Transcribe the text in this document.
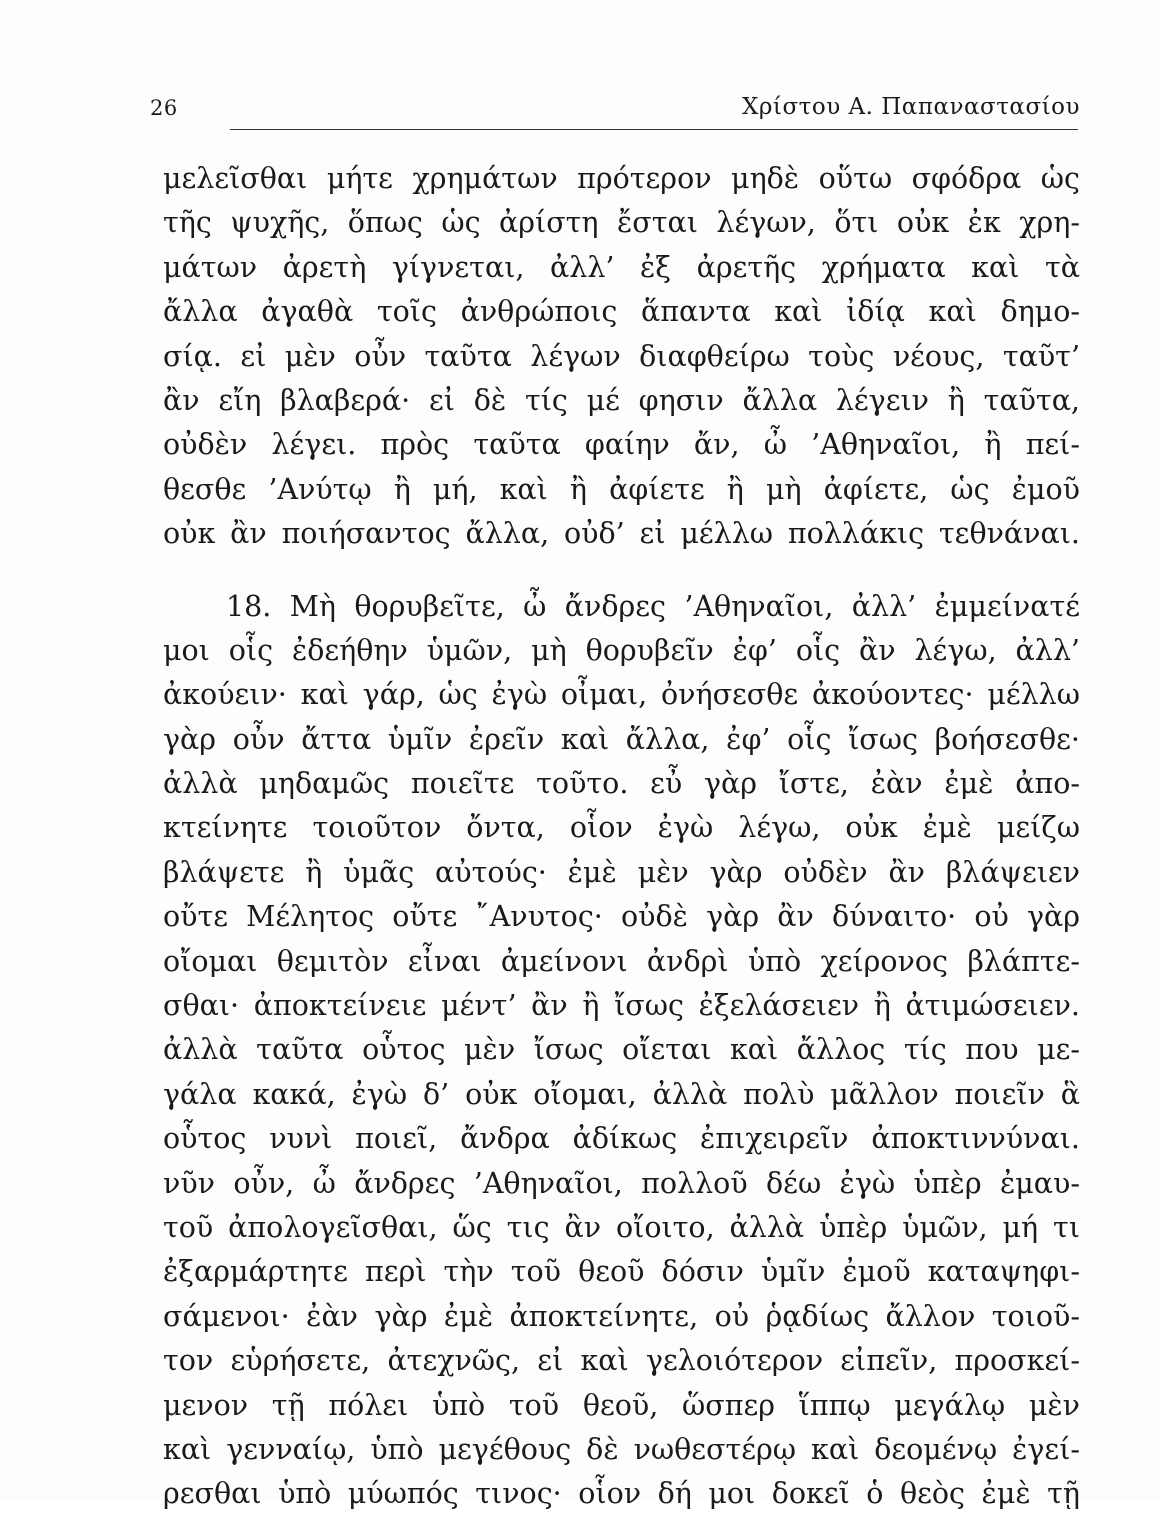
26	Χρίστου Α. Παπαναστασίου
μελεῖσθαι μήτε χρημάτων πρότερον μηδὲ οὕτω σφόδρα ὡς
τῆς ψυχῆς, ὅπως ὡς ἀρίστη ἔσται λέγων, ὅτι οὐκ ἐκ χρη-
μάτων ἀρετὴ γίγνεται, ἀλλ’ ἐξ ἀρετῆς χρήματα καὶ τὰ
ἄλλα ἀγαθὰ τοῖς ἀνθρώποις ἅπαντα καὶ ἰδίᾳ καὶ δημο-
σίᾳ. εἰ μὲν οὖν ταῦτα λέγων διαφθείρω τοὺς νέους, ταῦτ’
ἂν εἴη βλαβερά· εἰ δὲ τίς μέ φησιν ἄλλα λέγειν ἢ ταῦτα,
οὐδὲν λέγει. πρὸς ταῦτα φαίην ἄν, ὦ ’Αθηναῖοι, ἢ πεί-
θεσθε ’Ανύτῳ ἢ μή, καὶ ἢ ἀφίετε ἢ μὴ ἀφίετε, ὡς ἐμοῦ
οὐκ ἂν ποιήσαντος ἄλλα, οὐδ’ εἰ μέλλω πολλάκις τεθνάναι.
18. Μὴ θορυβεῖτε, ὦ ἄνδρες ’Αθηναῖοι, ἀλλ’ ἐμμείνατέ
μοι οἷς ἐδεήθην ὑμῶν, μὴ θορυβεῖν ἐφ’ οἷς ἂν λέγω, ἀλλ’
ἀκούειν· καὶ γάρ, ὡς ἐγὼ οἶμαι, ὀνήσεσθε ἀκούοντες· μέλλω
γὰρ οὖν ἄττα ὑμῖν ἐρεῖν καὶ ἄλλα, ἐφ’ οἷς ἴσως βοήσεσθε·
ἀλλὰ μηδαμῶς ποιεῖτε τοῦτο. εὖ γὰρ ἴστε, ἐὰν ἐμὲ ἀπο-
κτείνητε τοιοῦτον ὄντα, οἷον ἐγὼ λέγω, οὐκ ἐμὲ μείζω
βλάψετε ἢ ὑμᾶς αὐτούς· ἐμὲ μὲν γὰρ οὐδὲν ἂν βλάψειεν
οὔτε Μέλητος οὔτε ῎Ανυτος· οὐδὲ γὰρ ἂν δύναιτο· οὐ γὰρ
οἴομαι θεμιτὸν εἶναι ἀμείνονι ἀνδρὶ ὑπὸ χείρονος βλάπτε-
σθαι· ἀποκτείνειε μέντ’ ἂν ἢ ἴσως ἐξελάσειεν ἢ ἀτιμώσειεν.
ἀλλὰ ταῦτα οὗτος μὲν ἴσως οἴεται καὶ ἄλλος τίς που με-
γάλα κακά, ἐγὼ δ’ οὐκ οἴομαι, ἀλλὰ πολὺ μᾶλλον ποιεῖν ἃ
οὗτος νυνὶ ποιεῖ, ἄνδρα ἀδίκως ἐπιχειρεῖν ἀποκτιννύναι.
νῦν οὖν, ὦ ἄνδρες ’Αθηναῖοι, πολλοῦ δέω ἐγὼ ὑπὲρ ἐμαυ-
τοῦ ἀπολογεῖσθαι, ὥς τις ἂν οἴοιτο, ἀλλὰ ὑπὲρ ὑμῶν, μή τι
ἐξαρμάρτητε περὶ τὴν τοῦ θεοῦ δόσιν ὑμῖν ἐμοῦ καταψηφι-
σάμενοι· ἐὰν γὰρ ἐμὲ ἀποκτείνητε, οὐ ῥᾳδίως ἄλλον τοιοῦ-
τον εὑρήσετε, ἀτεχνῶς, εἰ καὶ γελοιότερον εἰπεῖν, προσκεί-
μενον τῇ πόλει ὑπὸ τοῦ θεοῦ, ὥσπερ ἵππῳ μεγάλῳ μὲν
καὶ γενναίῳ, ὑπὸ μεγέθους δὲ νωθεστέρῳ καὶ δεομένῳ ἐγεί-
ρεσθαι ὑπὸ μύωπός τινος· οἷον δή μοι δοκεῖ ὁ θεὸς ἐμὲ τῇ
